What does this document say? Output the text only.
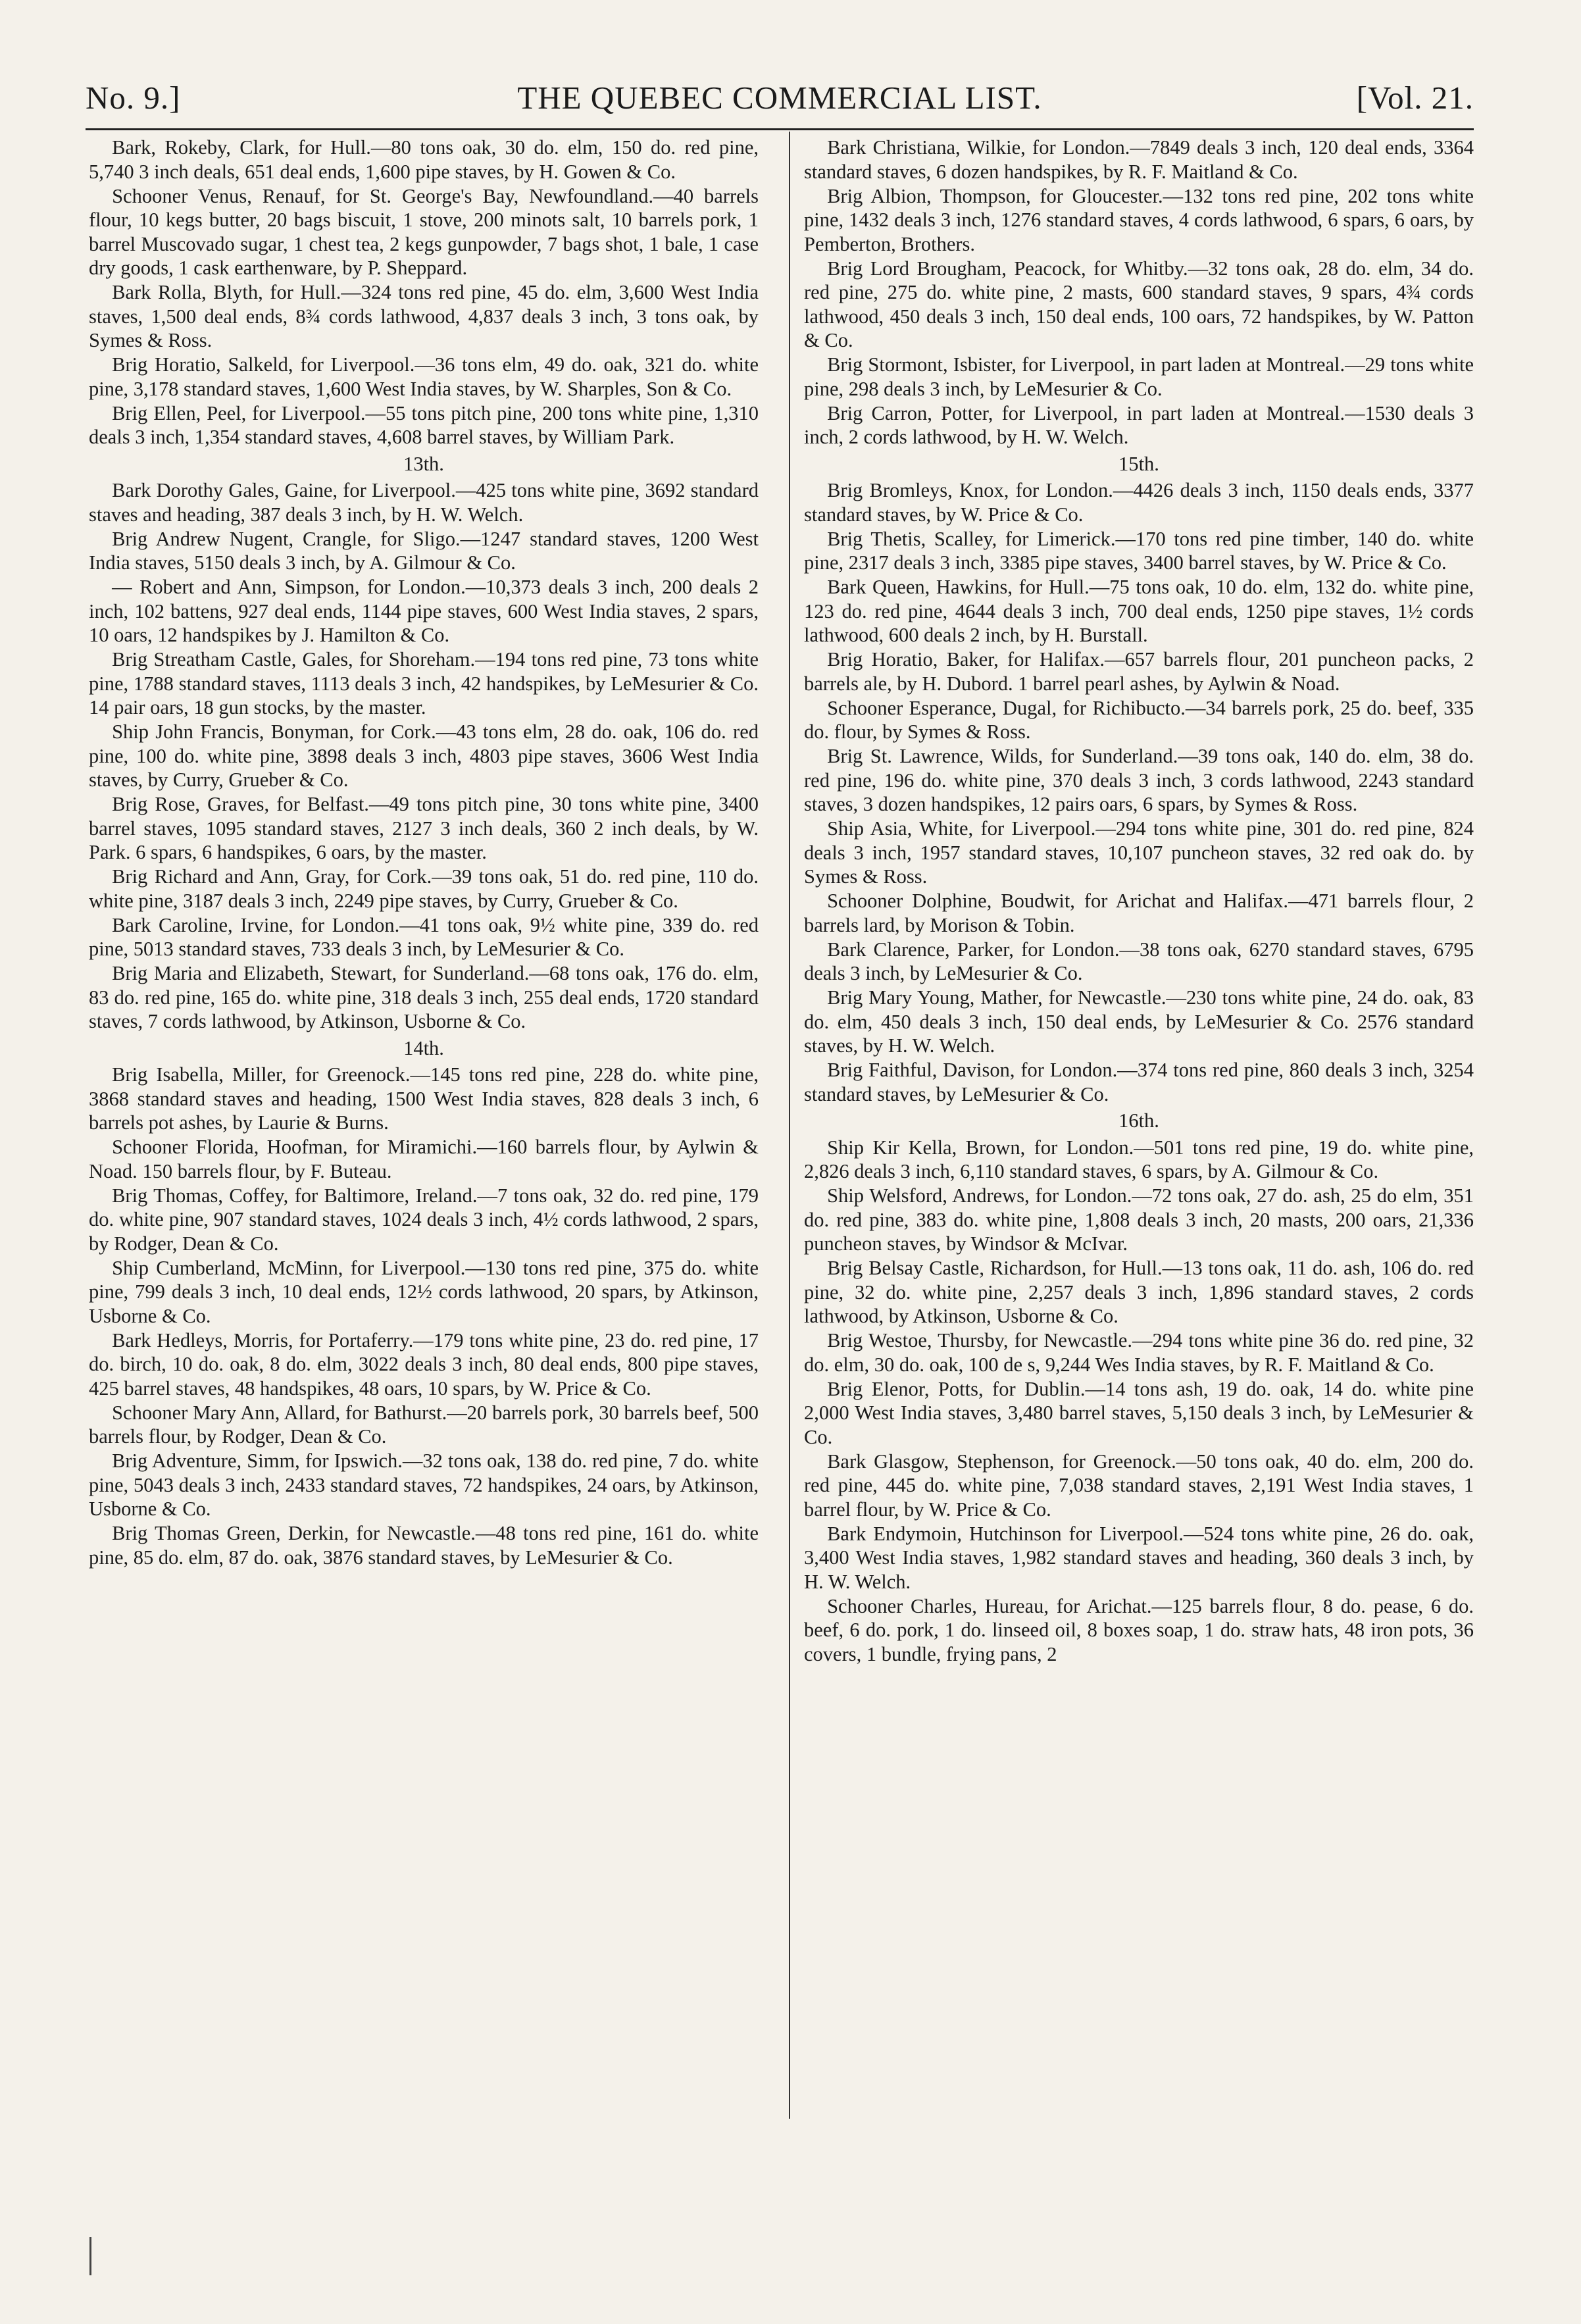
No. 9.]	THE QUEBEC COMMERCIAL LIST.	[Vol. 21.

Bark, Rokeby, Clark, for Hull.—80 tons oak, 30 do. elm, 150 do. red pine, 5,740 3 inch deals, 651 deal ends, 1,600 pipe staves, by H. Gowen & Co.

Schooner Venus, Renauf, for St. George's Bay, Newfoundland.—40 barrels flour, 10 kegs butter, 20 bags biscuit, 1 stove, 200 minots salt, 10 barrels pork, 1 barrel Muscovado sugar, 1 chest tea, 2 kegs gunpowder, 7 bags shot, 1 bale, 1 case dry goods, 1 cask earthenware, by P. Sheppard.

Bark Rolla, Blyth, for Hull.—324 tons red pine, 45 do. elm, 3,600 West India staves, 1,500 deal ends, 8¾ cords lathwood, 4,837 deals 3 inch, 3 tons oak, by Symes & Ross.

Brig Horatio, Salkeld, for Liverpool.—36 tons elm, 49 do. oak, 321 do. white pine, 3,178 standard staves, 1,600 West India staves, by W. Sharples, Son & Co.

Brig Ellen, Peel, for Liverpool.—55 tons pitch pine, 200 tons white pine, 1,310 deals 3 inch, 1,354 standard staves, 4,608 barrel staves, by William Park.

13th.

Bark Dorothy Gales, Gaine, for Liverpool.—425 tons white pine, 3692 standard staves and heading, 387 deals 3 inch, by H. W. Welch.

Brig Andrew Nugent, Crangle, for Sligo.—1247 standard staves, 1200 West India staves, 5150 deals 3 inch, by A. Gilmour & Co.

— Robert and Ann, Simpson, for London.—10,373 deals 3 inch, 200 deals 2 inch, 102 battens, 927 deal ends, 1144 pipe staves, 600 West India staves, 2 spars, 10 oars, 12 handspikes by J. Hamilton & Co.

Brig Streatham Castle, Gales, for Shoreham.—194 tons red pine, 73 tons white pine, 1788 standard staves, 1113 deals 3 inch, 42 handspikes, by LeMesurier & Co. 14 pair oars, 18 gun stocks, by the master.

Ship John Francis, Bonyman, for Cork.—43 tons elm, 28 do. oak, 106 do. red pine, 100 do. white pine, 3898 deals 3 inch, 4803 pipe staves, 3606 West India staves, by Curry, Grueber & Co.

Brig Rose, Graves, for Belfast.—49 tons pitch pine, 30 tons white pine, 3400 barrel staves, 1095 standard staves, 2127 3 inch deals, 360 2 inch deals, by W. Park. 6 spars, 6 handspikes, 6 oars, by the master.

Brig Richard and Ann, Gray, for Cork.—39 tons oak, 51 do. red pine, 110 do. white pine, 3187 deals 3 inch, 2249 pipe staves, by Curry, Grueber & Co.

Bark Caroline, Irvine, for London.—41 tons oak, 9½ white pine, 339 do. red pine, 5013 standard staves, 733 deals 3 inch, by LeMesurier & Co.

Brig Maria and Elizabeth, Stewart, for Sunderland.—68 tons oak, 176 do. elm, 83 do. red pine, 165 do. white pine, 318 deals 3 inch, 255 deal ends, 1720 standard staves, 7 cords lathwood, by Atkinson, Usborne & Co.

14th.

Brig Isabella, Miller, for Greenock.—145 tons red pine, 228 do. white pine, 3868 standard staves and heading, 1500 West India staves, 828 deals 3 inch, 6 barrels pot ashes, by Laurie & Burns.

Schooner Florida, Hoofman, for Miramichi.—160 barrels flour, by Aylwin & Noad. 150 barrels flour, by F. Buteau.

Brig Thomas, Coffey, for Baltimore, Ireland.—7 tons oak, 32 do. red pine, 179 do. white pine, 907 standard staves, 1024 deals 3 inch, 4½ cords lathwood, 2 spars, by Rodger, Dean & Co.

Ship Cumberland, McMinn, for Liverpool.—130 tons red pine, 375 do. white pine, 799 deals 3 inch, 10 deal ends, 12½ cords lathwood, 20 spars, by Atkinson, Usborne & Co.

Bark Hedleys, Morris, for Portaferry.—179 tons white pine, 23 do. red pine, 17 do. birch, 10 do. oak, 8 do. elm, 3022 deals 3 inch, 80 deal ends, 800 pipe staves, 425 barrel staves, 48 handspikes, 48 oars, 10 spars, by W. Price & Co.

Schooner Mary Ann, Allard, for Bathurst.—20 barrels pork, 30 barrels beef, 500 barrels flour, by Rodger, Dean & Co.

Brig Adventure, Simm, for Ipswich.—32 tons oak, 138 do. red pine, 7 do. white pine, 5043 deals 3 inch, 2433 standard staves, 72 handspikes, 24 oars, by Atkinson, Usborne & Co.

Brig Thomas Green, Derkin, for Newcastle.—48 tons red pine, 161 do. white pine, 85 do. elm, 87 do. oak, 3876 standard staves, by LeMesurier & Co.

Bark Christiana, Wilkie, for London.—7849 deals 3 inch, 120 deal ends, 3364 standard staves, 6 dozen handspikes, by R. F. Maitland & Co.

Brig Albion, Thompson, for Gloucester.—132 tons red pine, 202 tons white pine, 1432 deals 3 inch, 1276 standard staves, 4 cords lathwood, 6 spars, 6 oars, by Pemberton, Brothers.

Brig Lord Brougham, Peacock, for Whitby.—32 tons oak, 28 do. elm, 34 do. red pine, 275 do. white pine, 2 masts, 600 standard staves, 9 spars, 4¾ cords lathwood, 450 deals 3 inch, 150 deal ends, 100 oars, 72 handspikes, by W. Patton & Co.

Brig Stormont, Isbister, for Liverpool, in part laden at Montreal.—29 tons white pine, 298 deals 3 inch, by LeMesurier & Co.

Brig Carron, Potter, for Liverpool, in part laden at Montreal.—1530 deals 3 inch, 2 cords lathwood, by H. W. Welch.

15th.

Brig Bromleys, Knox, for London.—4426 deals 3 inch, 1150 deals ends, 3377 standard staves, by W. Price & Co.

Brig Thetis, Scalley, for Limerick.—170 tons red pine timber, 140 do. white pine, 2317 deals 3 inch, 3385 pipe staves, 3400 barrel staves, by W. Price & Co.

Bark Queen, Hawkins, for Hull.—75 tons oak, 10 do. elm, 132 do. white pine, 123 do. red pine, 4644 deals 3 inch, 700 deal ends, 1250 pipe staves, 1½ cords lathwood, 600 deals 2 inch, by H. Burstall.

Brig Horatio, Baker, for Halifax.—657 barrels flour, 201 puncheon packs, 2 barrels ale, by H. Dubord. 1 barrel pearl ashes, by Aylwin & Noad.

Schooner Esperance, Dugal, for Richibucto.—34 barrels pork, 25 do. beef, 335 do. flour, by Symes & Ross.

Brig St. Lawrence, Wilds, for Sunderland.—39 tons oak, 140 do. elm, 38 do. red pine, 196 do. white pine, 370 deals 3 inch, 3 cords lathwood, 2243 standard staves, 3 dozen handspikes, 12 pairs oars, 6 spars, by Symes & Ross.

Ship Asia, White, for Liverpool.—294 tons white pine, 301 do. red pine, 824 deals 3 inch, 1957 standard staves, 10,107 puncheon staves, 32 red oak do. by Symes & Ross.

Schooner Dolphine, Boudwit, for Arichat and Halifax.—471 barrels flour, 2 barrels lard, by Morison & Tobin.

Bark Clarence, Parker, for London.—38 tons oak, 6270 standard staves, 6795 deals 3 inch, by LeMesurier & Co.

Brig Mary Young, Mather, for Newcastle.—230 tons white pine, 24 do. oak, 83 do. elm, 450 deals 3 inch, 150 deal ends, by LeMesurier & Co. 2576 standard staves, by H. W. Welch.

Brig Faithful, Davison, for London.—374 tons red pine, 860 deals 3 inch, 3254 standard staves, by LeMesurier & Co.

16th.

Ship Kir Kella, Brown, for London.—501 tons red pine, 19 do. white pine, 2,826 deals 3 inch, 6,110 standard staves, 6 spars, by A. Gilmour & Co.

Ship Welsford, Andrews, for London.—72 tons oak, 27 do. ash, 25 do elm, 351 do. red pine, 383 do. white pine, 1,808 deals 3 inch, 20 masts, 200 oars, 21,336 puncheon staves, by Windsor & McIvar.

Brig Belsay Castle, Richardson, for Hull.—13 tons oak, 11 do. ash, 106 do. red pine, 32 do. white pine, 2,257 deals 3 inch, 1,896 standard staves, 2 cords lathwood, by Atkinson, Usborne & Co.

Brig Westoe, Thursby, for Newcastle.—294 tons white pine 36 do. red pine, 32 do. elm, 30 do. oak, 100 de s, 9,244 Wes India staves, by R. F. Maitland & Co.

Brig Elenor, Potts, for Dublin.—14 tons ash, 19 do. oak, 14 do. white pine 2,000 West India staves, 3,480 barrel staves, 5,150 deals 3 inch, by LeMesurier & Co.

Bark Glasgow, Stephenson, for Greenock.—50 tons oak, 40 do. elm, 200 do. red pine, 445 do. white pine, 7,038 standard staves, 2,191 West India staves, 1 barrel flour, by W. Price & Co.

Bark Endymoin, Hutchinson for Liverpool.—524 tons white pine, 26 do. oak, 3,400 West India staves, 1,982 standard staves and heading, 360 deals 3 inch, by H. W. Welch.

Schooner Charles, Hureau, for Arichat.—125 barrels flour, 8 do. pease, 6 do. beef, 6 do. pork, 1 do. linseed oil, 8 boxes soap, 1 do. straw hats, 48 iron pots, 36 covers, 1 bundle, frying pans, 2
